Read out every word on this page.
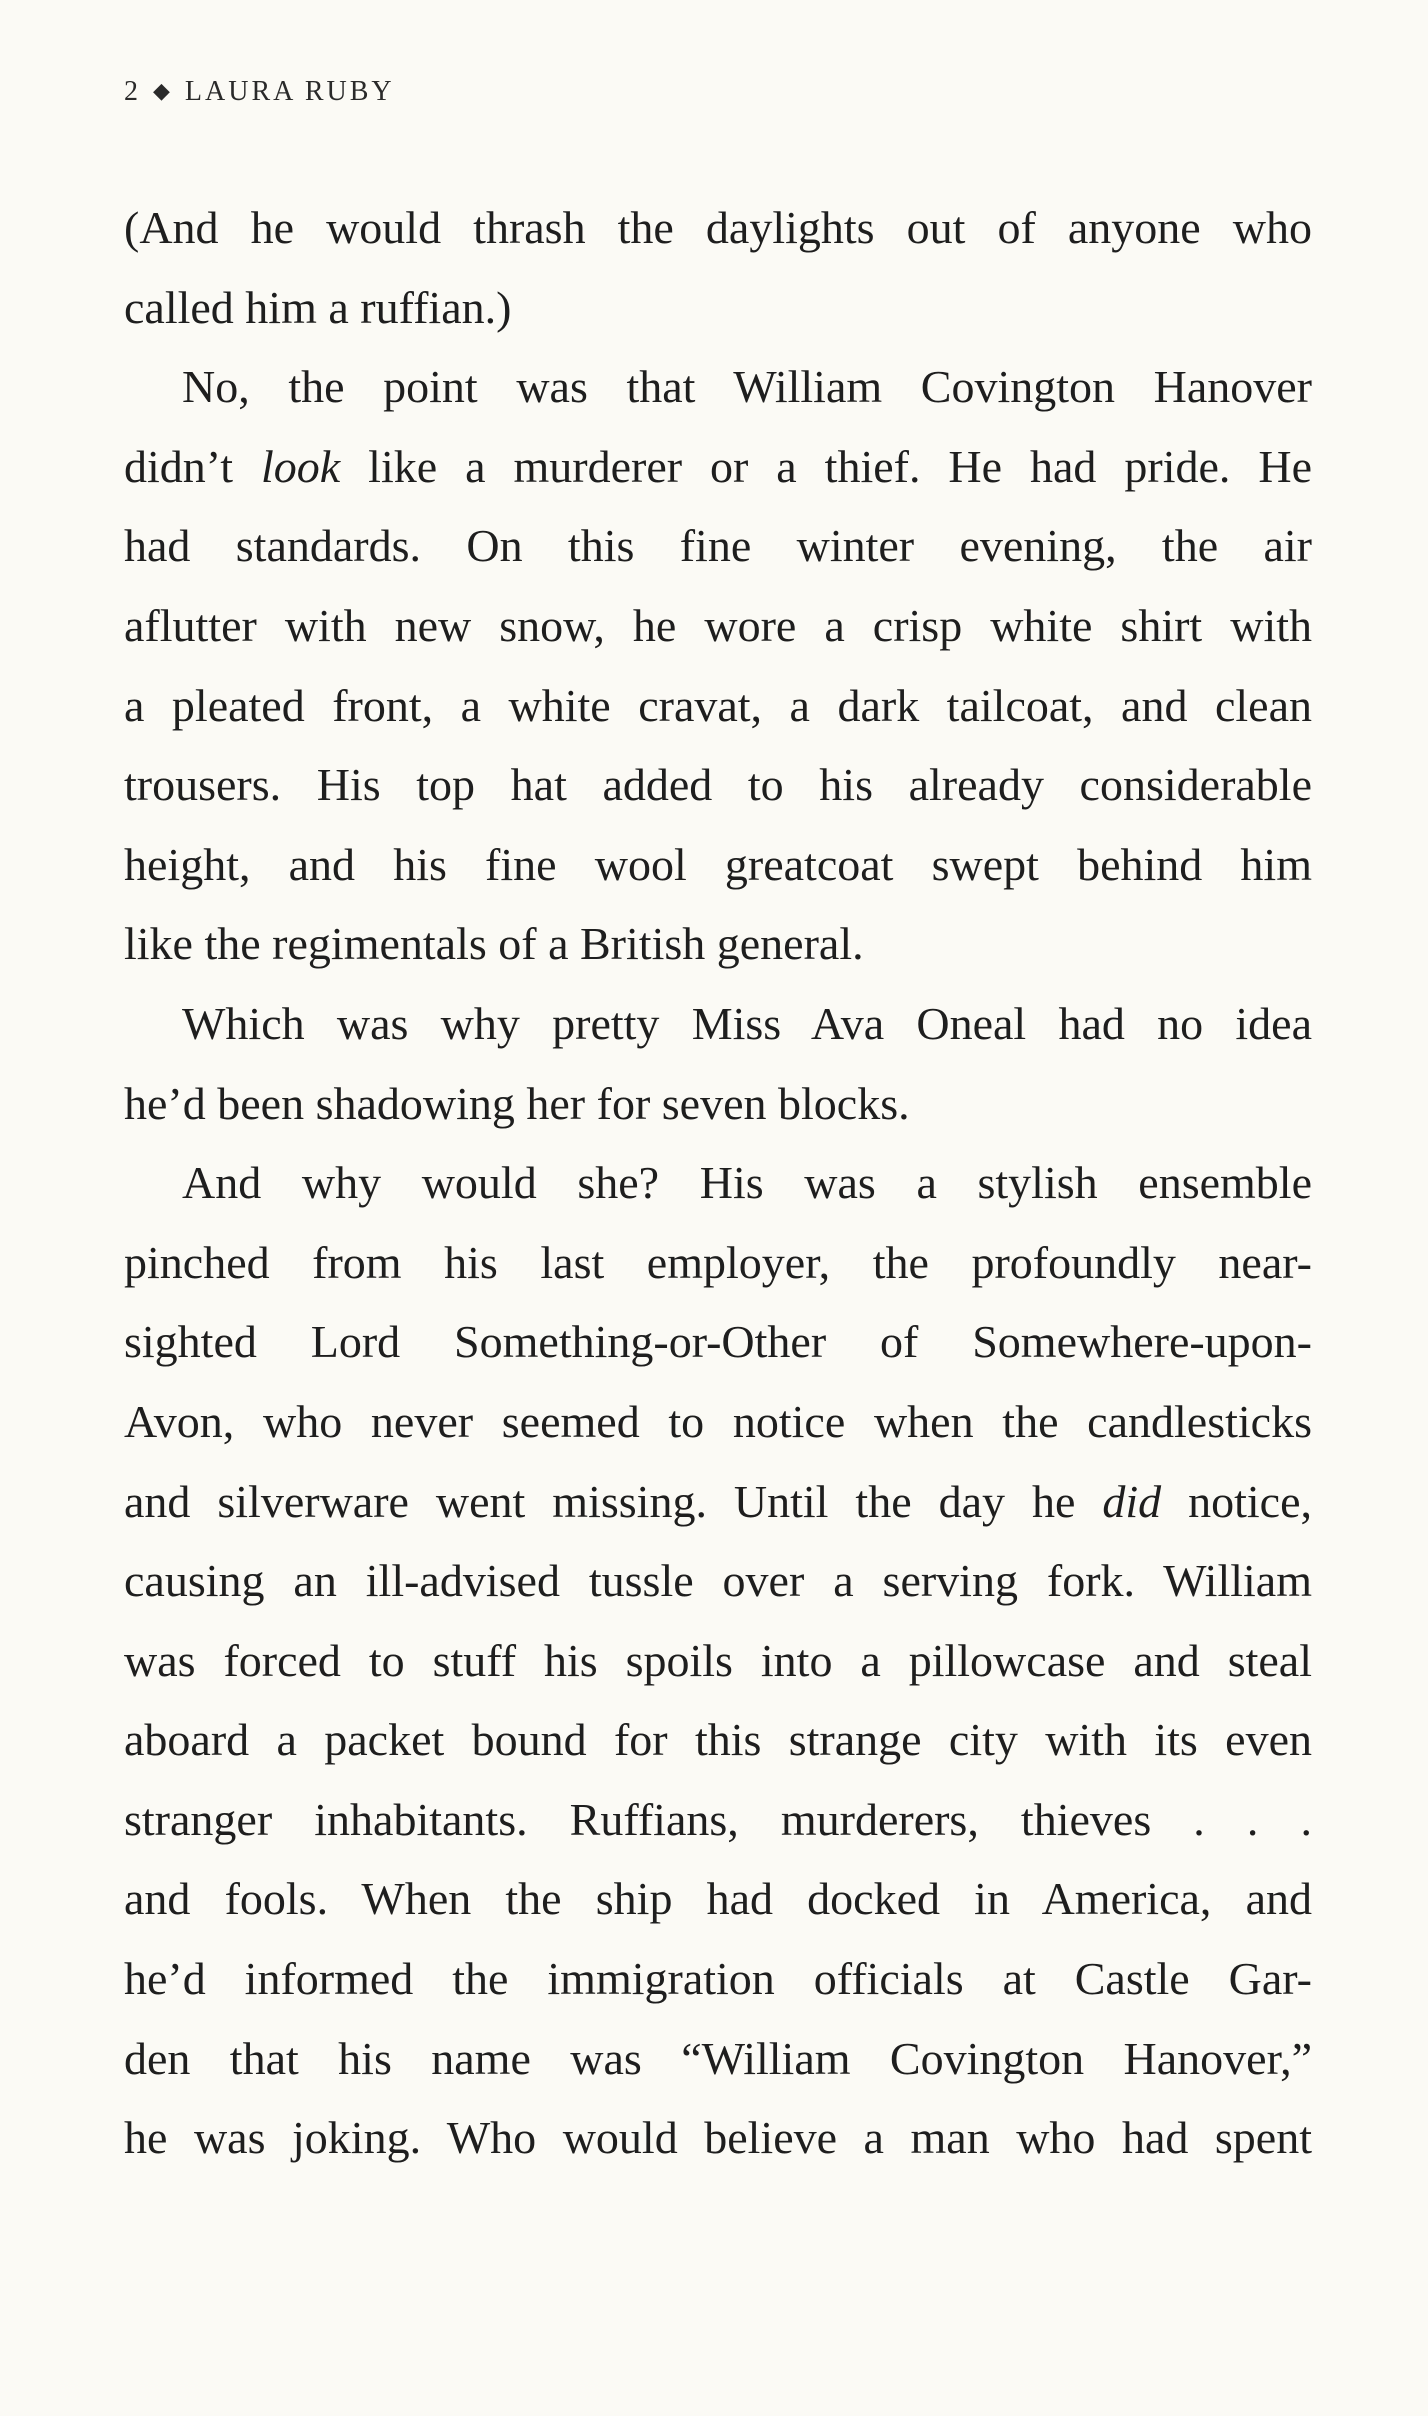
2 ◆ LAURA RUBY
(And he would thrash the daylights out of anyone who
called him a ruffian.)
No, the point was that William Covington Hanover
didn’t look like a murderer or a thief. He had pride. He
had standards. On this fine winter evening, the air
aflutter with new snow, he wore a crisp white shirt with
a pleated front, a white cravat, a dark tailcoat, and clean
trousers. His top hat added to his already considerable
height, and his fine wool greatcoat swept behind him
like the regimentals of a British general.
Which was why pretty Miss Ava Oneal had no idea
he’d been shadowing her for seven blocks.
And why would she? His was a stylish ensemble
pinched from his last employer, the profoundly near-
sighted Lord Something-or-Other of Somewhere-upon-
Avon, who never seemed to notice when the candlesticks
and silverware went missing. Until the day he did notice,
causing an ill-advised tussle over a serving fork. William
was forced to stuff his spoils into a pillowcase and steal
aboard a packet bound for this strange city with its even
stranger inhabitants. Ruffians, murderers, thieves . . .
and fools. When the ship had docked in America, and
he’d informed the immigration officials at Castle Gar-
den that his name was “William Covington Hanover,”
he was joking. Who would believe a man who had spent
